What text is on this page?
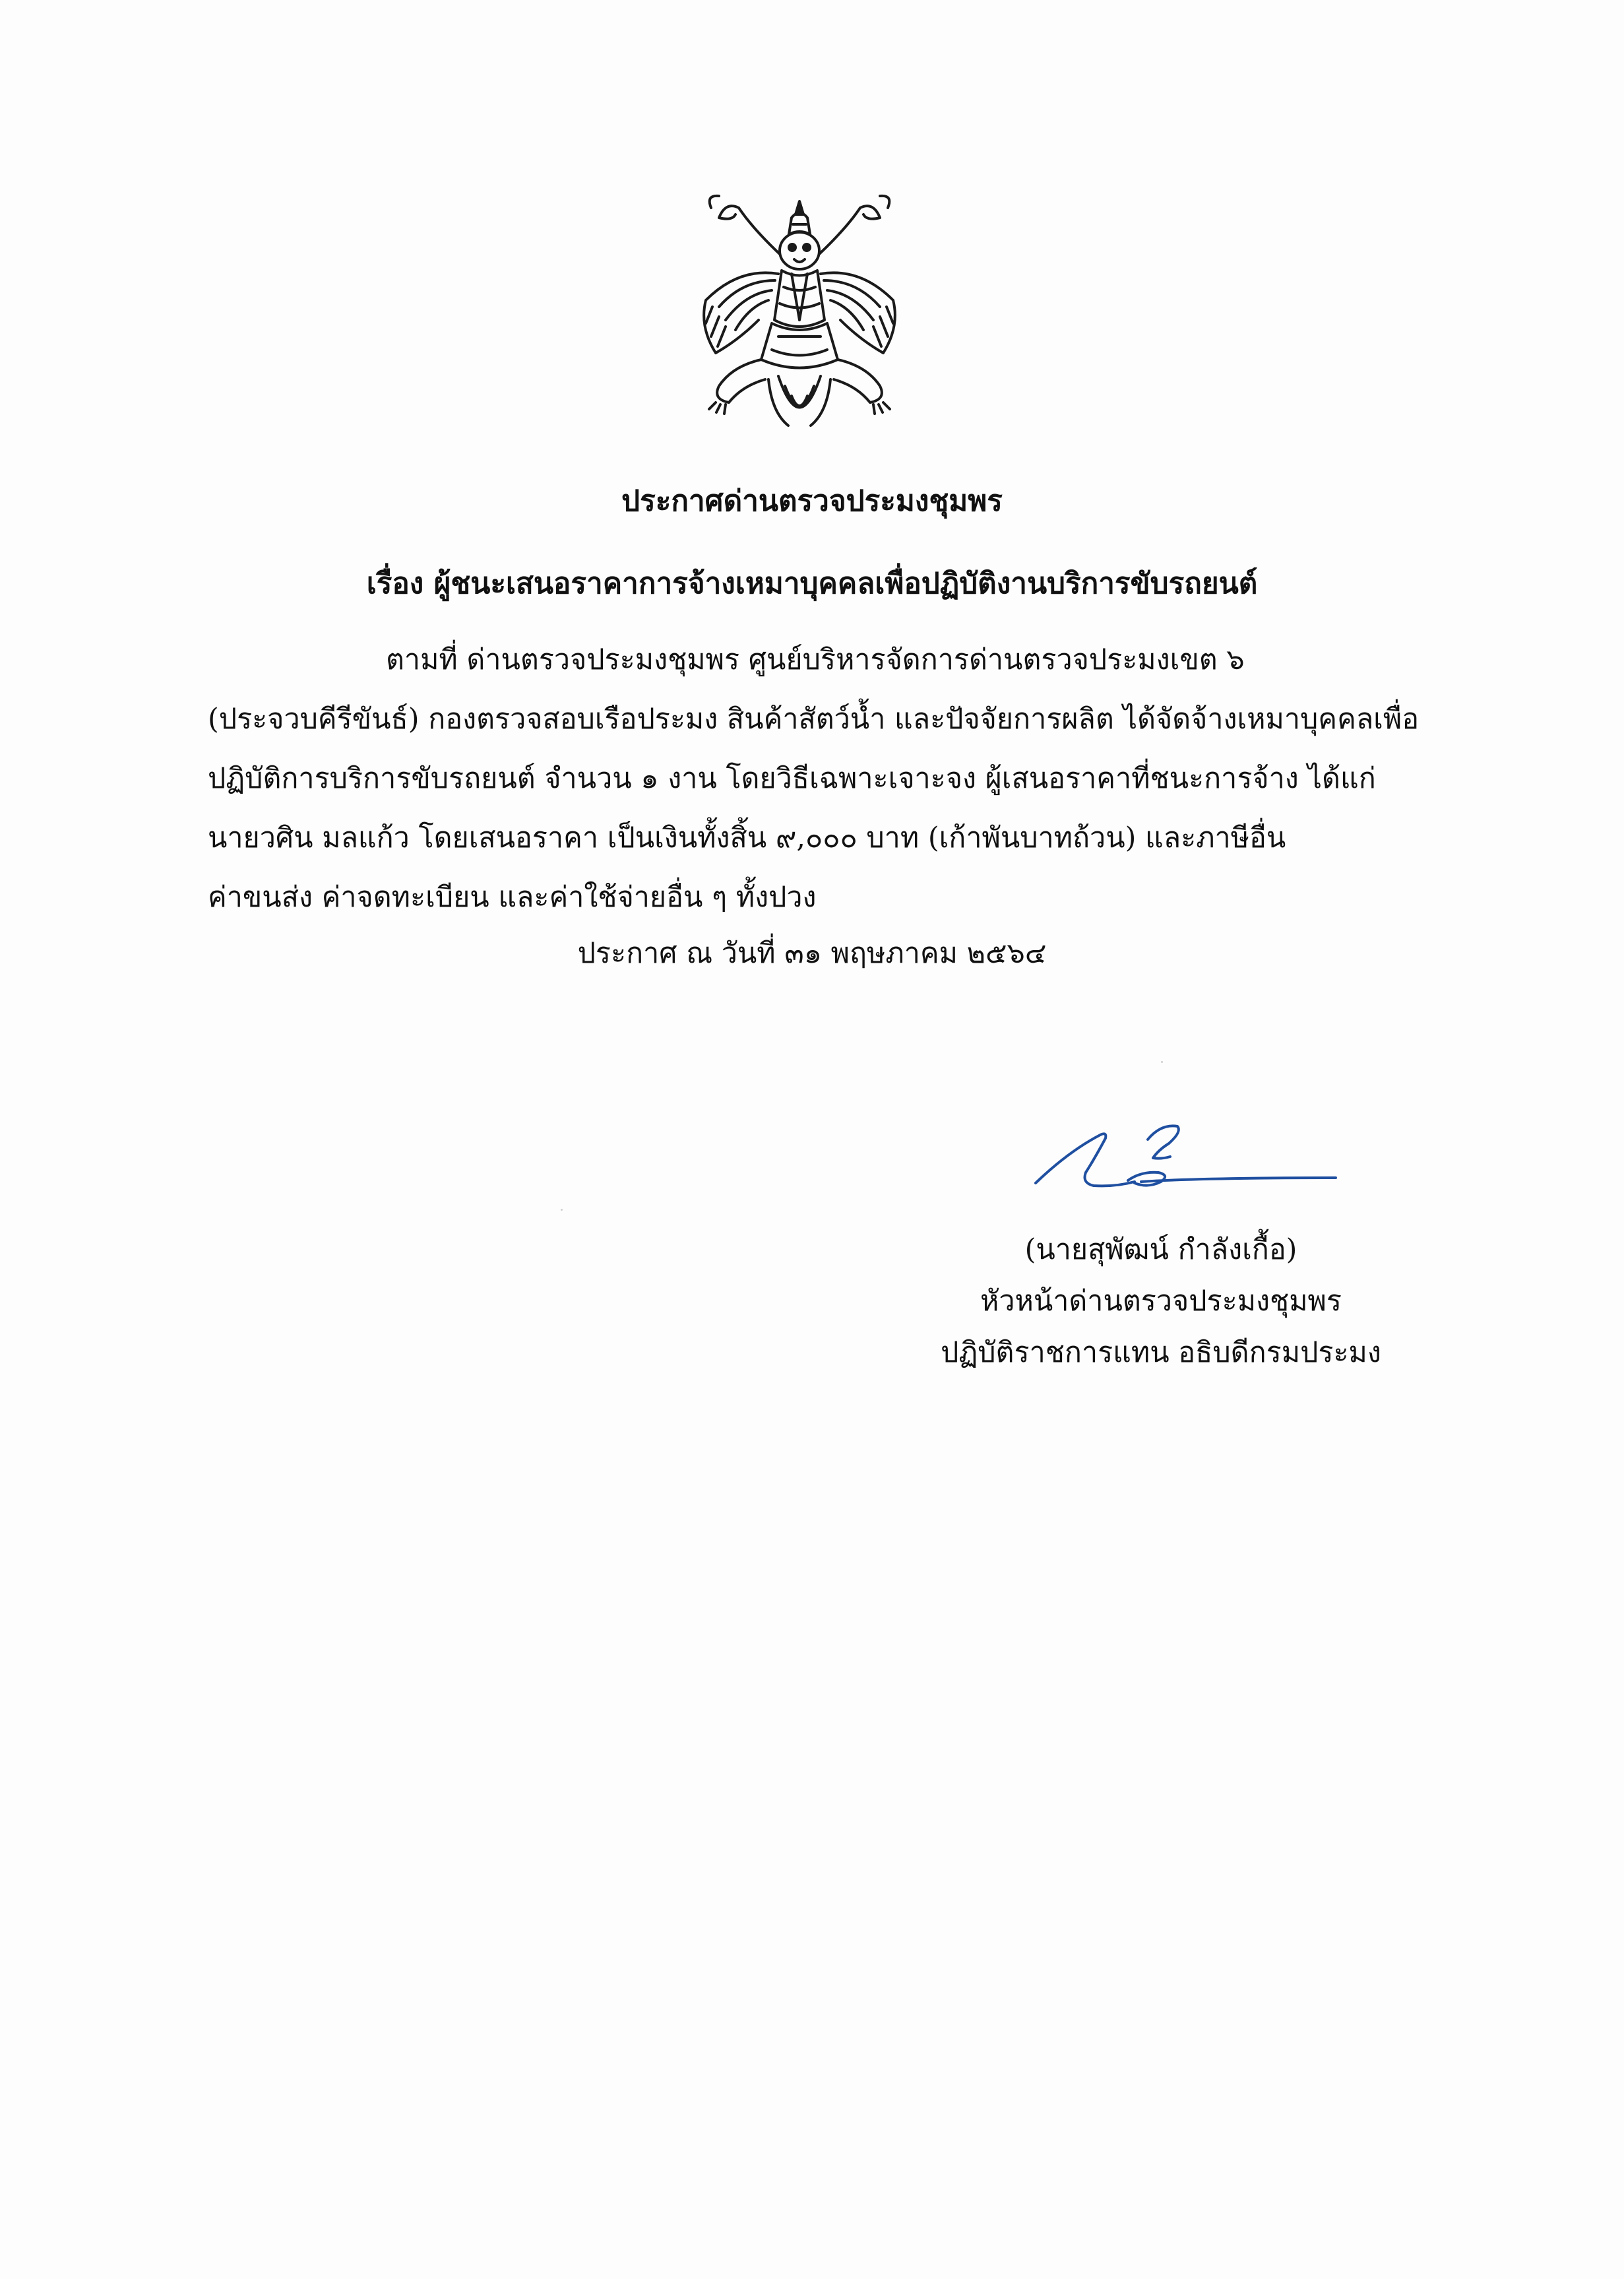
ประกาศด่านตรวจประมงชุมพร
เรื่อง ผู้ชนะเสนอราคาการจ้างเหมาบุคคลเพื่อปฏิบัติงานบริการขับรถยนต์
ตามที่ ด่านตรวจประมงชุมพร ศูนย์บริหารจัดการด่านตรวจประมงเขต ๖
(ประจวบคีรีขันธ์) กองตรวจสอบเรือประมง สินค้าสัตว์น้ำ และปัจจัยการผลิต ได้จัดจ้างเหมาบุคคลเพื่อ
ปฏิบัติการบริการขับรถยนต์ จำนวน ๑ งาน โดยวิธีเฉพาะเจาะจง ผู้เสนอราคาที่ชนะการจ้าง ได้แก่
นายวศิน มลแก้ว โดยเสนอราคา เป็นเงินทั้งสิ้น ๙,๐๐๐ บาท (เก้าพันบาทถ้วน) และภาษีอื่น
ค่าขนส่ง ค่าจดทะเบียน และค่าใช้จ่ายอื่น ๆ ทั้งปวง
ประกาศ ณ วันที่ ๓๑ พฤษภาคม ๒๕๖๔
(นายสุพัฒน์ กำลังเกื้อ)
หัวหน้าด่านตรวจประมงชุมพร
ปฏิบัติราชการแทน อธิบดีกรมประมง
